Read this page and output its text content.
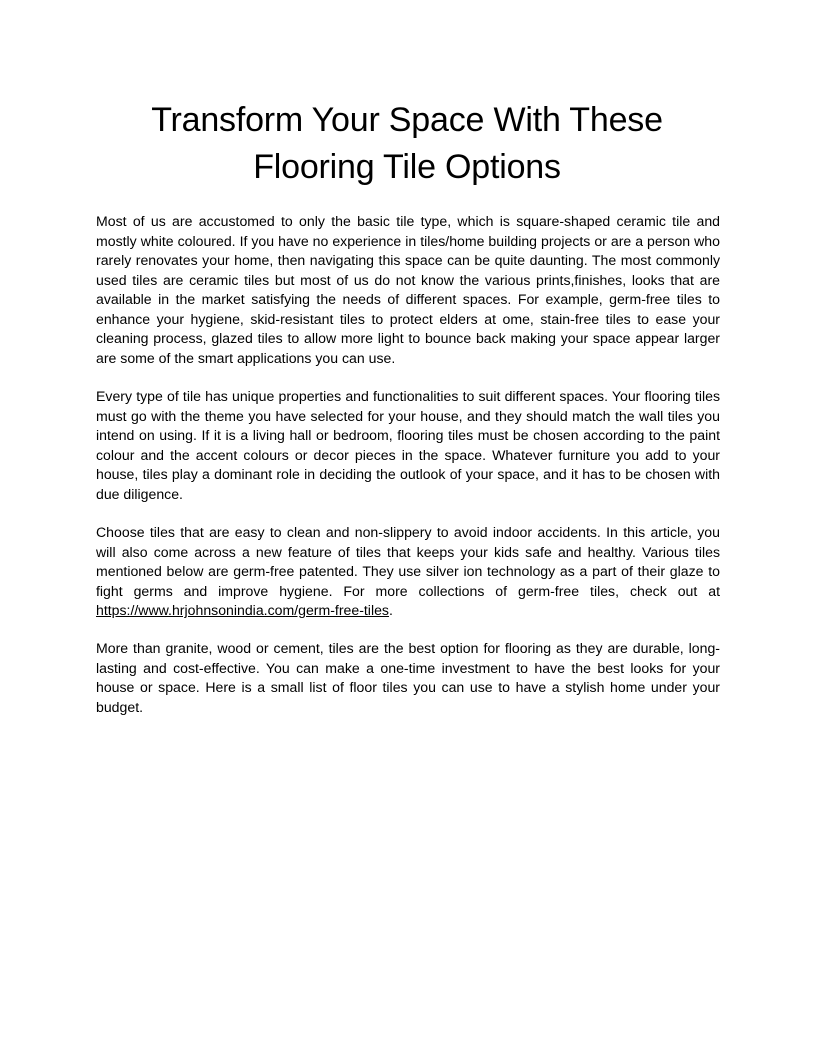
Transform Your Space With These
Flooring Tile Options

Most of us are accustomed to only the basic tile type, which is square-shaped ceramic tile and mostly white coloured. If you have no experience in tiles/home building projects or are a person who rarely renovates your home, then navigating this space can be quite daunting. The most commonly used tiles are ceramic tiles but most of us do not know the various prints,finishes, looks that are available in the market satisfying the needs of different spaces. For example, germ-free tiles to enhance your hygiene, skid-resistant tiles to protect elders at ome, stain-free tiles to ease your cleaning process, glazed tiles to allow more light to bounce back making your space appear larger are some of the smart applications you can use.

Every type of tile has unique properties and functionalities to suit different spaces. Your flooring tiles must go with the theme you have selected for your house, and they should match the wall tiles you intend on using. If it is a living hall or bedroom, flooring tiles must be chosen according to the paint colour and the accent colours or decor pieces in the space. Whatever furniture you add to your house, tiles play a dominant role in deciding the outlook of your space, and it has to be chosen with due diligence.

Choose tiles that are easy to clean and non-slippery to avoid indoor accidents. In this article, you will also come across a new feature of tiles that keeps your kids safe and healthy. Various tiles mentioned below are germ-free patented. They use silver ion technology as a part of their glaze to fight germs and improve hygiene. For more collections of germ-free tiles, check out at https://www.hrjohnsonindia.com/germ-free-tiles.

More than granite, wood or cement, tiles are the best option for flooring as they are durable, long-lasting and cost-effective. You can make a one-time investment to have the best looks for your house or space. Here is a small list of floor tiles you can use to have a stylish home under your budget.
